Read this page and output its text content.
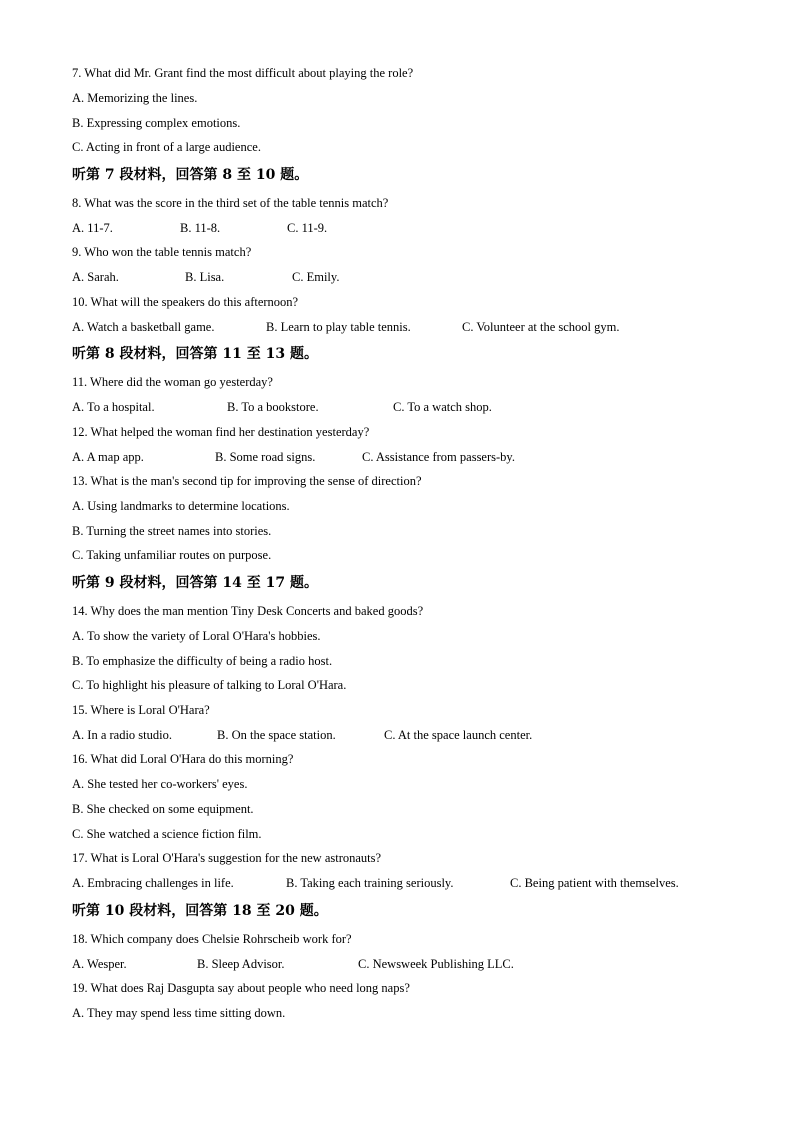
7. What did Mr. Grant find the most difficult about playing the role?
A. Memorizing the lines.
B. Expressing complex emotions.
C. Acting in front of a large audience.
听第 7 段材料，回答第 8 至 10 题。
8. What was the score in the third set of the table tennis match?
A. 11-7.	B. 11-8.	C. 11-9.
9. Who won the table tennis match?
A. Sarah.	B. Lisa.	C. Emily.
10. What will the speakers do this afternoon?
A. Watch a basketball game.	B. Learn to play table tennis.	C. Volunteer at the school gym.
听第 8 段材料，回答第 11 至 13 题。
11. Where did the woman go yesterday?
A. To a hospital.	B. To a bookstore.	C. To a watch shop.
12. What helped the woman find her destination yesterday?
A. A map app.	B. Some road signs.	C. Assistance from passers-by.
13. What is the man's second tip for improving the sense of direction?
A. Using landmarks to determine locations.
B. Turning the street names into stories.
C. Taking unfamiliar routes on purpose.
听第 9 段材料，回答第 14 至 17 题。
14. Why does the man mention Tiny Desk Concerts and baked goods?
A. To show the variety of Loral O'Hara's hobbies.
B. To emphasize the difficulty of being a radio host.
C. To highlight his pleasure of talking to Loral O'Hara.
15. Where is Loral O'Hara?
A. In a radio studio.	B. On the space station.	C. At the space launch center.
16. What did Loral O'Hara do this morning?
A. She tested her co-workers' eyes.
B. She checked on some equipment.
C. She watched a science fiction film.
17. What is Loral O'Hara's suggestion for the new astronauts?
A. Embracing challenges in life.	B. Taking each training seriously.	C. Being patient with themselves.
听第 10 段材料，回答第 18 至 20 题。
18. Which company does Chelsie Rohrscheib work for?
A. Wesper.	B. Sleep Advisor.	C. Newsweek Publishing LLC.
19. What does Raj Dasgupta say about people who need long naps?
A. They may spend less time sitting down.
